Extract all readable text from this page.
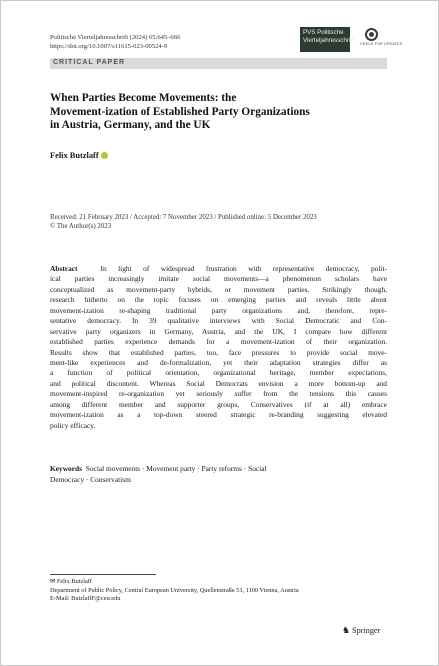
Politische Vierteljahresschrift (2024) 65:645–666
https://doi.org/10.1007/s11615-023-00524-9
PVS Politische
Vierteljahresschrift
CHECK FOR UPDATES
CRITICAL PAPER
When Parties Become Movements: the
Movement-ization of Established Party Organizations
in Austria, Germany, and the UK
Felix Butzlaff
Received: 21 February 2023 / Accepted: 7 November 2023 / Published online: 5 December 2023
© The Author(s) 2023
Abstract	In light of widespread frustration with representative democracy, polit-
ical parties increasingly imitate social movements—a phenomenon scholars have
conceptualized as movement-party hybrids, or movement parties. Strikingly though,
research hitherto on the topic focuses on emerging parties and reveals little about
movement-ization re-shaping traditional party organizations and, therefore, repre-
sentative democracy. In 39 qualitative interviews with Social Democratic and Con-
servative party organizers in Germany, Austria, and the UK, I compare how different
established parties experience demands for a movement-ization of their organization.
Results show that established parties, too, face pressures to provide social move-
ment-like experiences and de-formalization, yet their adaptation strategies differ as
a function of political orientation, organizational heritage, member expectations,
and political discontent. Whereas Social Democrats envision a more bottom-up and
movement-inspired re-organization yet seriously suffer from the tensions this causes
among different member and supporter groups, Conservatives (if at all) embrace
movement-ization as a top-down steered strategic re-branding suggesting elevated
policy efficacy.
Keywords Social movements · Movement party · Party reforms · Social
Democracy · Conservatism
✉ Felix Butzlaff
Department of Public Policy, Central European University, Quellenstraße 51, 1100 Vienna, Austria
E-Mail: ButzlaffF@ceu.edu
♞ Springer
